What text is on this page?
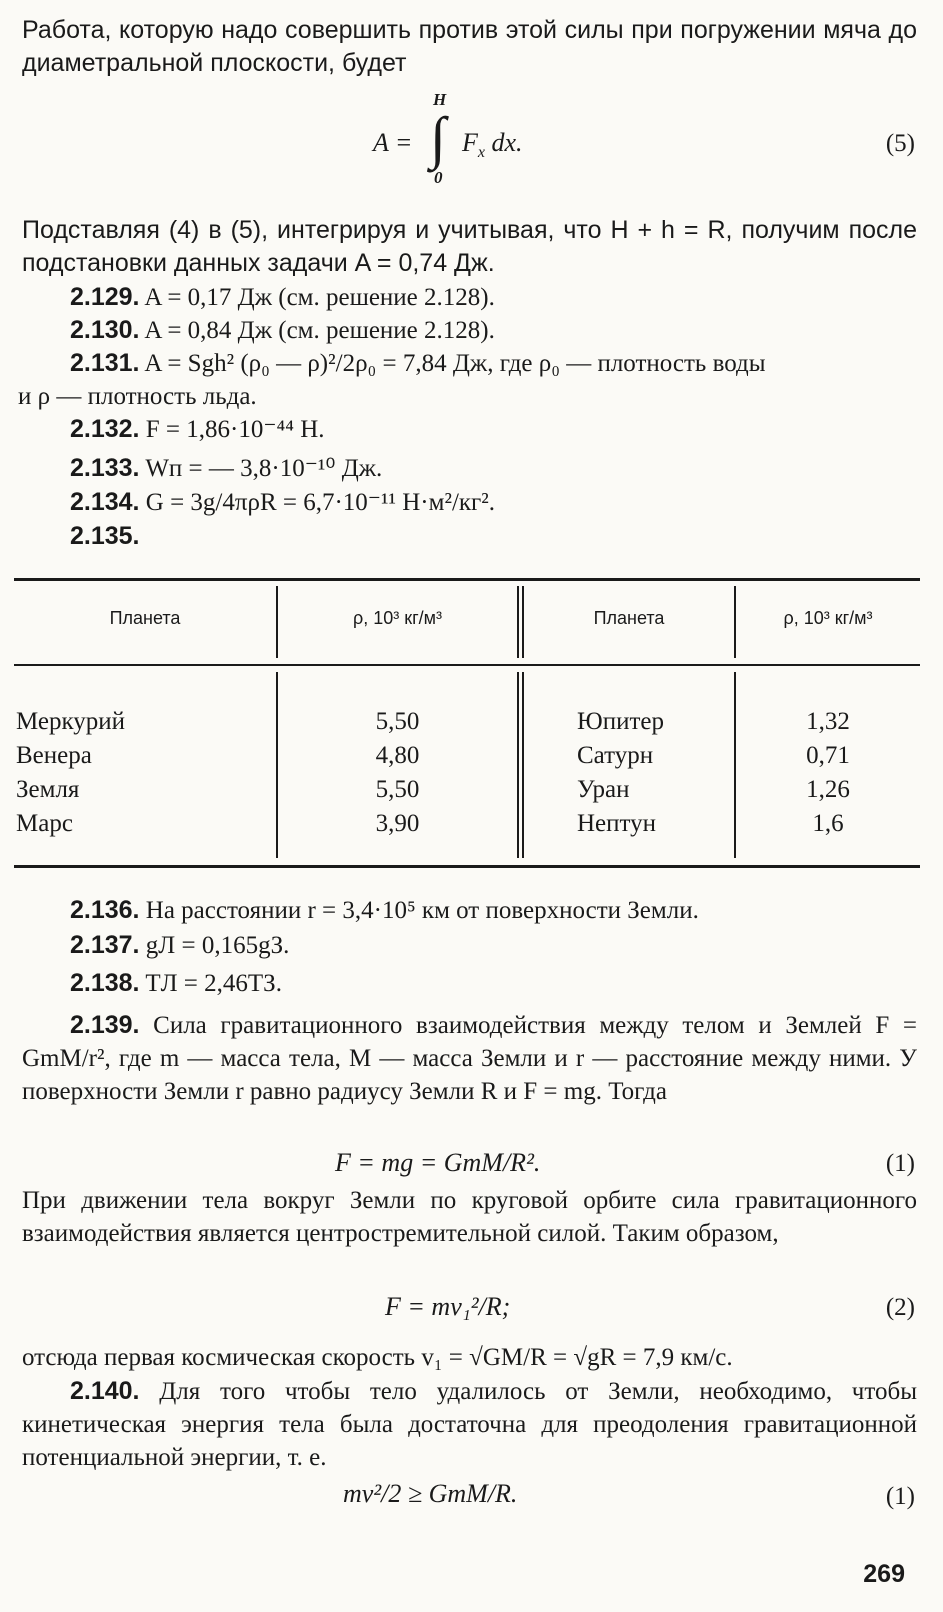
Работа, которую надо совершить против этой силы при погружении мяча до диаметральной плоскости, будет
A =
H
∫
0
$F_x$ dx.	(5)
Подставляя (4) в (5), интегрируя и учитывая, что H + h = R, получим после подстановки данных задачи A = 0,74 Дж.
2.129. A = 0,17 Дж (см. решение 2.128).
2.130. A = 0,84 Дж (см. решение 2.128).
2.131. A = Sgh² (ρ₀ — ρ)²/2ρ₀ = 7,84 Дж, где ρ₀ — плотность воды
и ρ — плотность льда.
2.132. F = 1,86·10⁻⁴⁴ Н.
2.133. Wп = — 3,8·10⁻¹⁰ Дж.
2.134. G = 3g/4πρR = 6,7·10⁻¹¹ Н·м²/кг².
2.135.
Планета	ρ, 10³ кг/м³	Планета	ρ, 10³ кг/м³
Меркурий	5,50	Юпитер	1,32
Венера	4,80	Сатурн	0,71
Земля	5,50	Уран	1,26
Марс	3,90	Нептун	1,6
2.136. На расстоянии r = 3,4·10⁵ км от поверхности Земли.
2.137. gЛ = 0,165gЗ.
2.138. TЛ = 2,46TЗ.
2.139. Сила гравитационного взаимодействия между телом и Землей F = GmM/r², где m — масса тела, M — масса Земли и r — расстояние между ними. У поверхности Земли r равно радиусу Земли R и F = mg. Тогда
F = mg = GmM/R².	(1)
При движении тела вокруг Земли по круговой орбите сила гравитационного взаимодействия является центростремительной силой. Таким образом,
F = mv₁²/R;	(2)
отсюда первая космическая скорость v₁ = √GM/R = √gR = 7,9 км/с.
2.140. Для того чтобы тело удалилось от Земли, необходимо, чтобы кинетическая энергия тела была достаточна для преодоления гравитационной потенциальной энергии, т. е.
mv²/2 ≥ GmM/R.	(1)
269
